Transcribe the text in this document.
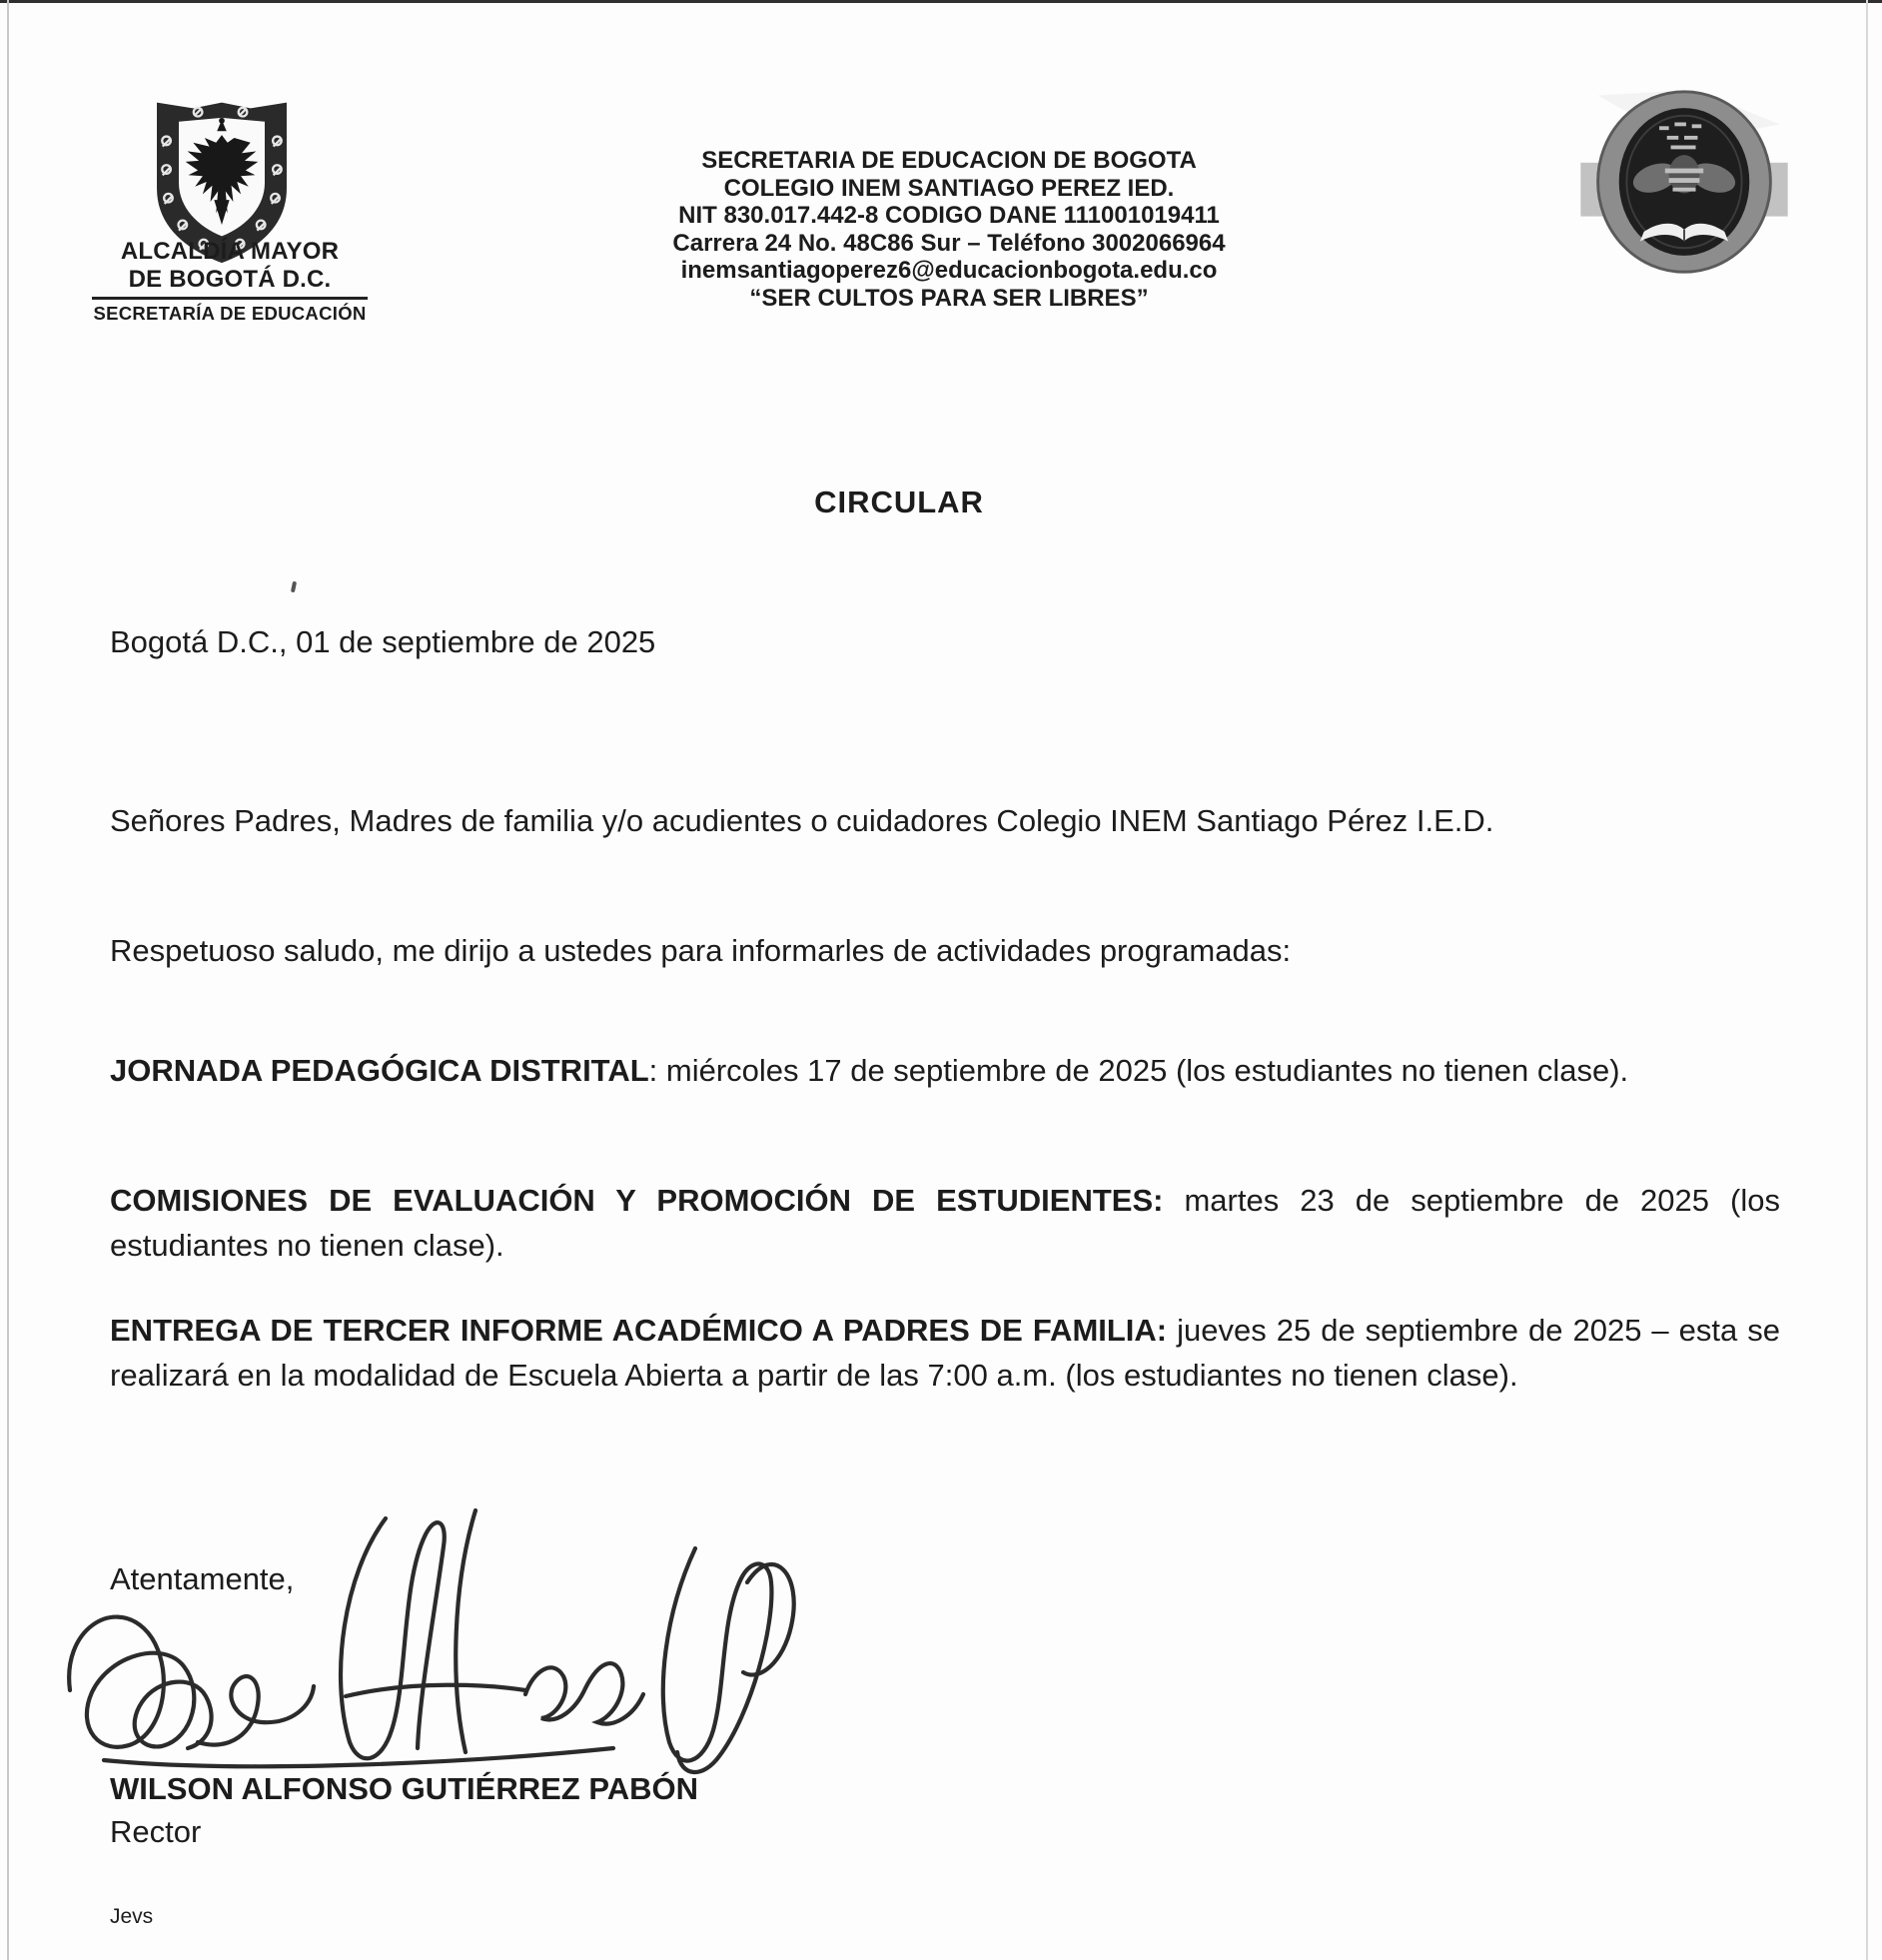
ALCALDÍA MAYOR
DE BOGOTÁ D.C.
SECRETARÍA DE EDUCACIÓN
SECRETARIA DE EDUCACION DE BOGOTA
COLEGIO INEM SANTIAGO PEREZ IED.
NIT 830.017.442-8 CODIGO DANE 111001019411
Carrera 24 No. 48C86 Sur – Teléfono 3002066964
inemsantiagoperez6@educacionbogota.edu.co
“SER CULTOS PARA SER LIBRES”
CIRCULAR
Bogotá D.C., 01 de septiembre de 2025
Señores Padres, Madres de familia y/o acudientes o cuidadores Colegio INEM Santiago Pérez I.E.D.
Respetuoso saludo, me dirijo a ustedes para informarles de actividades programadas:
JORNADA PEDAGÓGICA DISTRITAL: miércoles 17 de septiembre de 2025 (los estudiantes no tienen clase).
COMISIONES DE EVALUACIÓN Y PROMOCIÓN DE ESTUDIENTES: martes 23 de septiembre de 2025 (los estudiantes no tienen clase).
ENTREGA DE TERCER INFORME ACADÉMICO A PADRES DE FAMILIA: jueves 25 de septiembre de 2025 – esta se realizará en la modalidad de Escuela Abierta a partir de las 7:00 a.m. (los estudiantes no tienen clase).
Atentamente,
WILSON ALFONSO GUTIÉRREZ PABÓN
Rector
Jevs
